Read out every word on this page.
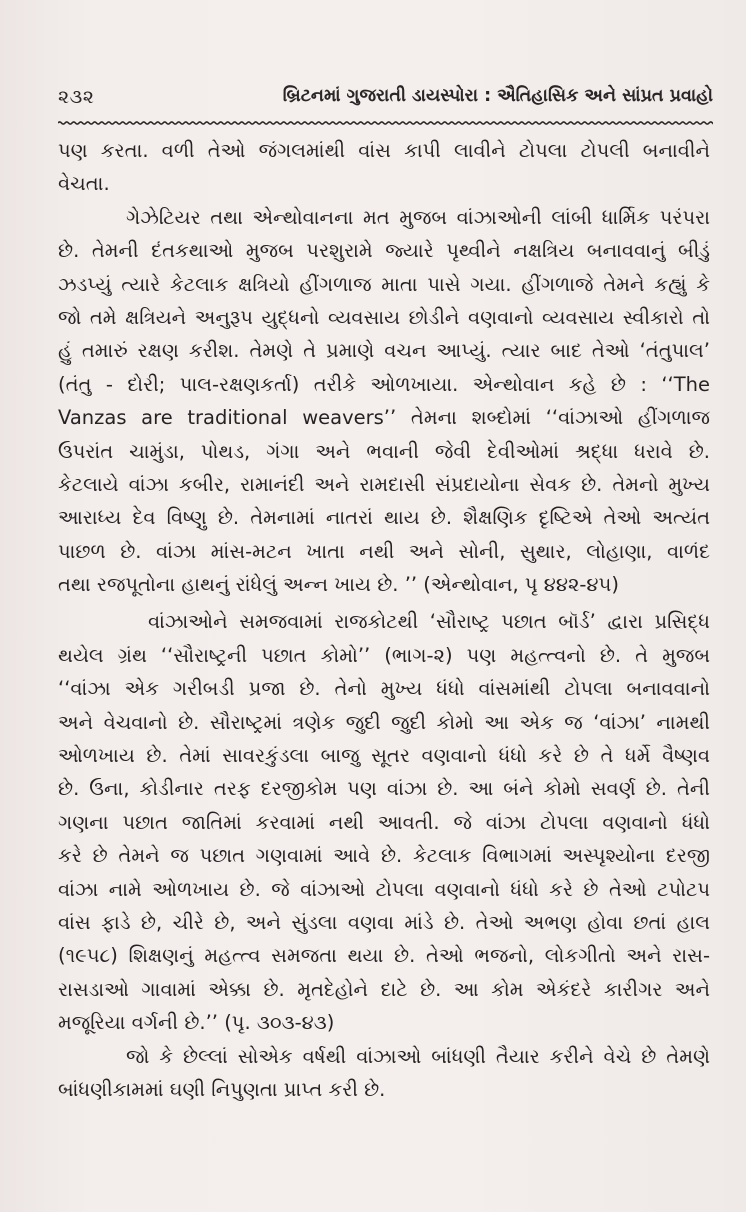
૨૩૨	બ્રિટનમાં ગુજરાતી ડાયસ્પોરા : ઐતિહાસિક અને સાંપ્રત પ્રવાહો
પણ કરતા. વળી તેઓ જંગલમાંથી વાંસ કાપી લાવીને ટોપલા ટોપલી બનાવીને
વેચતા.
ગેઝેટિયર તથા એન્થોવાનના મત મુજબ વાંઝાઓની લાંબી ધાર્મિક પરંપરા
છે. તેમની દંતકથાઓ મુજબ પરશુરામે જ્યારે પૃથ્વીને નક્ષત્રિય બનાવવાનું બીડું
ઝડપ્યું ત્યારે કેટલાક ક્ષત્રિયો હીંગળાજ માતા પાસે ગયા. હીંગળાજે તેમને કહ્યું કે
જો તમે ક્ષત્રિયને અનુરૂપ યુદ્ધનો વ્યવસાય છોડીને વણવાનો વ્યવસાય સ્વીકારો તો
હું તમારું રક્ષણ કરીશ. તેમણે તે પ્રમાણે વચન આપ્યું. ત્યાર બાદ તેઓ ‘તંતુપાલ’
(તંતુ - દોરી; પાલ-રક્ષણકર્તા) તરીકે ઓળખાયા. એન્થોવાન કહે છે : ‘‘The
Vanzas are traditional weavers’’ તેમના શબ્દોમાં ‘‘વાંઝાઓ હીંગળાજ
ઉપરાંત ચામુંડા, પોથડ, ગંગા અને ભવાની જેવી દેવીઓમાં શ્રદ્ધા ધરાવે છે.
કેટલાયે વાંઝા કબીર, રામાનંદી અને રામદાસી સંપ્રદાયોના સેવક છે. તેમનો મુખ્ય
આરાધ્ય દેવ વિષ્ણુ છે. તેમનામાં નાતરાં થાય છે. શૈક્ષણિક દૃષ્ટિએ તેઓ અત્યંત
પાછળ છે. વાંઝા માંસ-મટન ખાતા નથી અને સોની, સુથાર, લોહાણા, વાળંદ
તથા રજપૂતોના હાથનું રાંધેલું અન્ન ખાય છે. ’’ (એન્થોવાન, પૃ ૪૪૨-૪૫)
વાંઝાઓને સમજવામાં રાજકોટથી ‘સૌરાષ્ટ્ર પછાત બૉર્ડ’ દ્વારા પ્રસિદ્ધ
થયેલ ગ્રંથ ‘‘સૌરાષ્ટ્રની પછાત કોમો’’ (ભાગ-૨) પણ મહત્ત્વનો છે. તે મુજબ
‘‘વાંઝા એક ગરીબડી પ્રજા છે. તેનો મુખ્ય ધંધો વાંસમાંથી ટોપલા બનાવવાનો
અને વેચવાનો છે. સૌરાષ્ટ્રમાં ત્રણેક જુદી જુદી કોમો આ એક જ ‘વાંઝા’ નામથી
ઓળખાય છે. તેમાં સાવરકુંડલા બાજુ સૂતર વણવાનો ધંધો કરે છે તે ધર્મે વૈષ્ણવ
છે. ઉના, કોડીનાર તરફ દરજીકોમ પણ વાંઝા છે. આ બંને કોમો સવર્ણ છે. તેની
ગણના પછાત જાતિમાં કરવામાં નથી આવતી. જે વાંઝા ટોપલા વણવાનો ધંધો
કરે છે તેમને જ પછાત ગણવામાં આવે છે. કેટલાક વિભાગમાં અસ્પૃશ્યોના દરજી
વાંઝા નામે ઓળખાય છે. જે વાંઝાઓ ટોપલા વણવાનો ધંધો કરે છે તેઓ ટપોટપ
વાંસ ફાડે છે, ચીરે છે, અને સુંડલા વણવા માંડે છે. તેઓ અભણ હોવા છતાં હાલ
(૧૯૫૮) શિક્ષણનું મહત્ત્વ સમજતા થયા છે. તેઓ ભજનો, લોકગીતો અને રાસ-
રાસડાઓ ગાવામાં એક્કા છે. મૃતદેહોને દાટે છે. આ કોમ એકંદરે કારીગર અને
મજૂરિયા વર્ગની છે.’’ (પૃ. ૩૦૩-૪૩)
જો કે છેલ્લાં સોએક વર્ષથી વાંઝાઓ બાંધણી તૈયાર કરીને વેચે છે તેમણે
બાંધણીકામમાં ઘણી નિપુણતા પ્રાપ્ત કરી છે.
